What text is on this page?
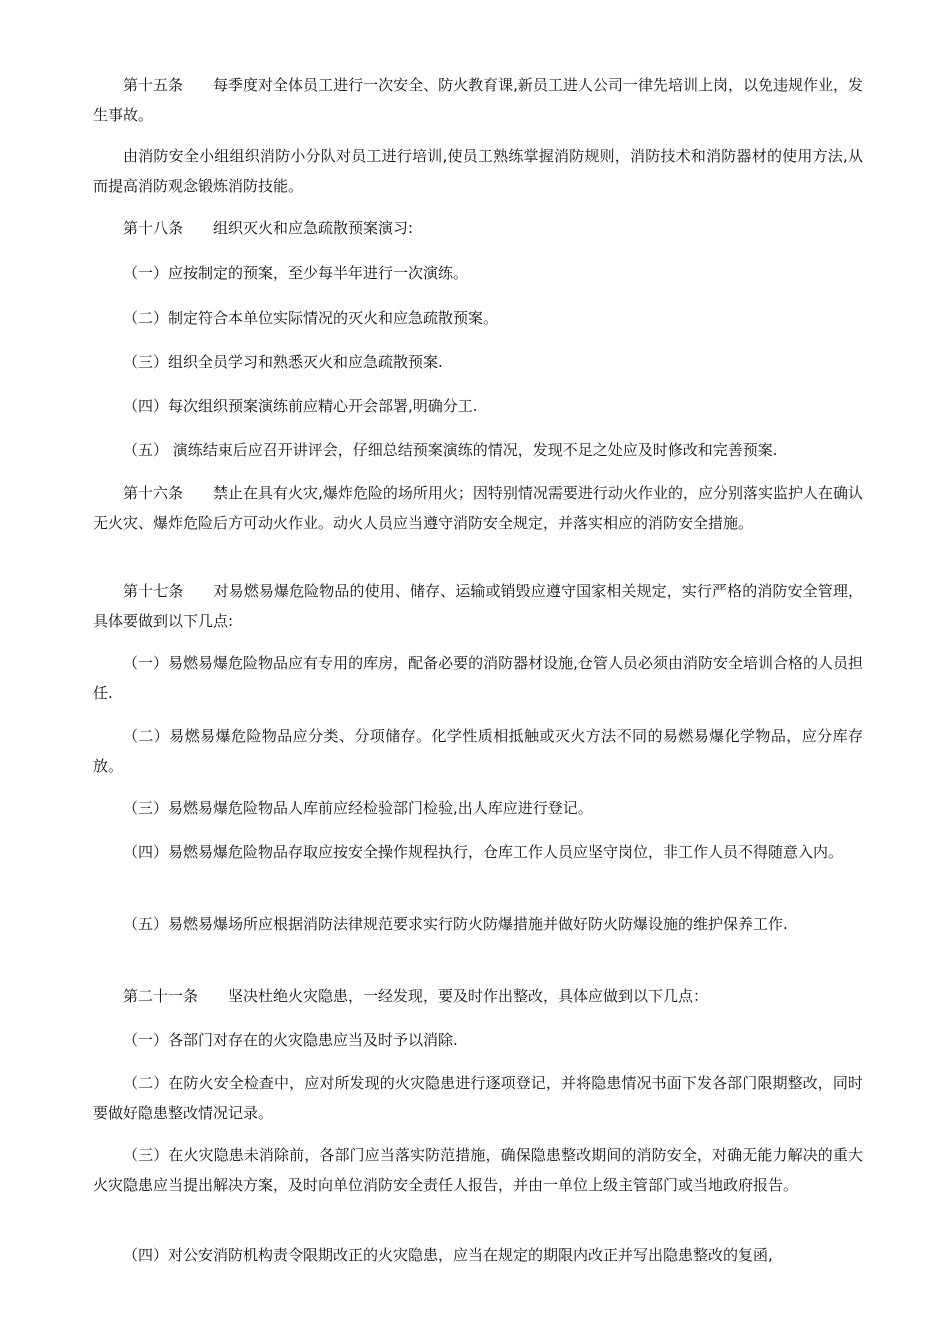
第十五条 每季度对全体员工进行一次安全、防火教育课,新员工进人公司一律先培训上岗，以免违规作业，发生事故。

由消防安全小组组织消防小分队对员工进行培训,使员工熟练掌握消防规则，消防技术和消防器材的使用方法,从而提高消防观念锻炼消防技能。

第十八条 组织灭火和应急疏散预案演习:

（一）应按制定的预案，至少每半年进行一次演练。

（二）制定符合本单位实际情况的灭火和应急疏散预案。

（三）组织全员学习和熟悉灭火和应急疏散预案.

（四）每次组织预案演练前应精心开会部署,明确分工.

（五） 演练结束后应召开讲评会，仔细总结预案演练的情况，发现不足之处应及时修改和完善预案.

第十六条 禁止在具有火灾,爆炸危险的场所用火；因特别情况需要进行动火作业的，应分别落实监护人在确认无火灾、爆炸危险后方可动火作业。动火人员应当遵守消防安全规定，并落实相应的消防安全措施。

第十七条 对易燃易爆危险物品的使用、储存、运输或销毁应遵守国家相关规定，实行严格的消防安全管理，具体要做到以下几点:

（一）易燃易爆危险物品应有专用的库房，配备必要的消防器材设施,仓管人员必须由消防安全培训合格的人员担任.

（二）易燃易爆危险物品应分类、分项储存。化学性质相抵触或灭火方法不同的易燃易爆化学物品，应分库存放。

（三）易燃易爆危险物品人库前应经检验部门检验,出人库应进行登记。

（四）易燃易爆危险物品存取应按安全操作规程执行，仓库工作人员应坚守岗位，非工作人员不得随意入内。

（五）易燃易爆场所应根据消防法律规范要求实行防火防爆措施并做好防火防爆设施的维护保养工作.

第二十一条 坚决杜绝火灾隐患，一经发现，要及时作出整改，具体应做到以下几点：

（一）各部门对存在的火灾隐患应当及时予以消除.

（二）在防火安全检查中，应对所发现的火灾隐患进行逐项登记，并将隐患情况书面下发各部门限期整改，同时要做好隐患整改情况记录。

（三）在火灾隐患未消除前，各部门应当落实防范措施，确保隐患整改期间的消防安全，对确无能力解决的重大火灾隐患应当提出解决方案，及时向单位消防安全责任人报告，并由一单位上级主管部门或当地政府报告。

（四）对公安消防机构责令限期改正的火灾隐患，应当在规定的期限内改正并写出隐患整改的复函,
